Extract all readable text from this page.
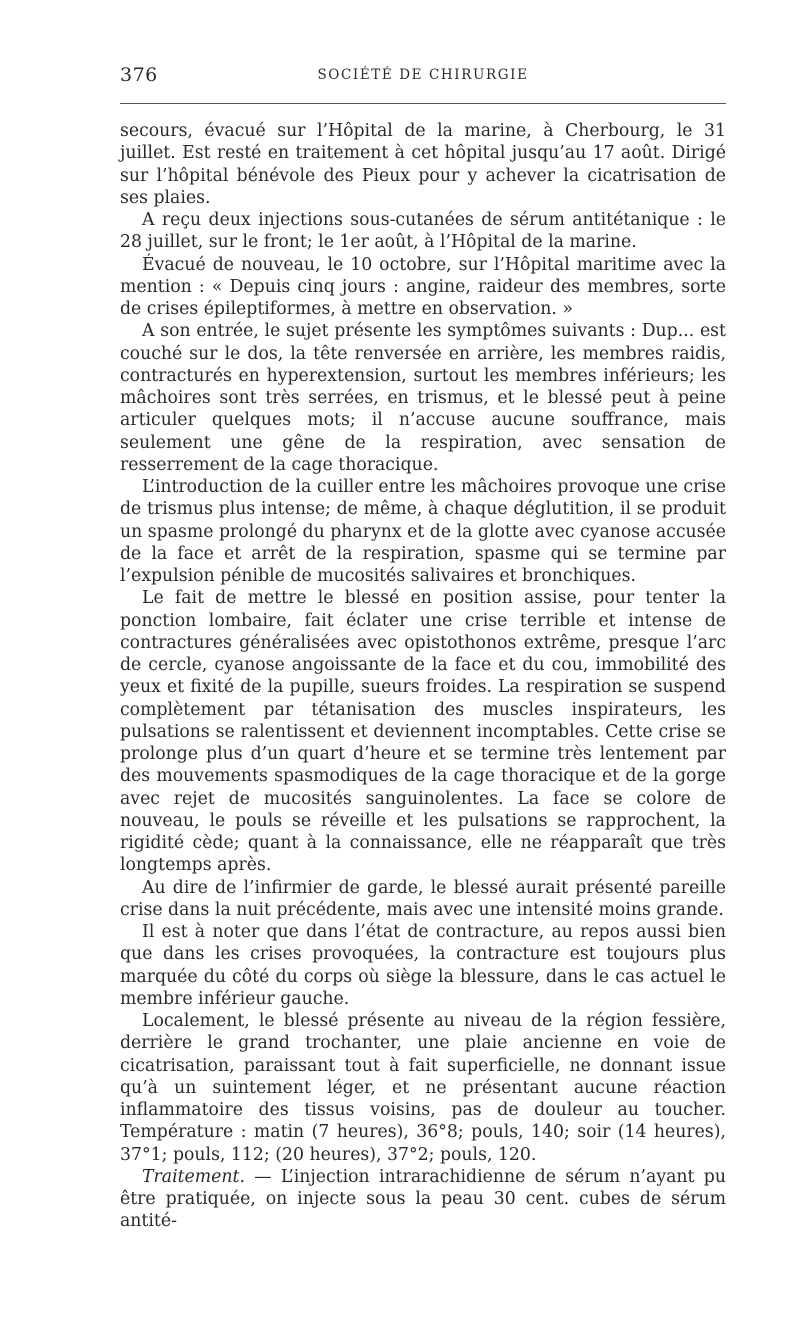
376	SOCIÉTÉ DE CHIRURGIE

secours, évacué sur l’Hôpital de la marine, à Cherbourg, le 31 juillet. Est resté en traitement à cet hôpital jusqu’au 17 août. Dirigé sur l’hôpital bénévole des Pieux pour y achever la cicatrisation de ses plaies.

A reçu deux injections sous-cutanées de sérum antitétanique : le 28 juillet, sur le front; le 1er août, à l’Hôpital de la marine.

Évacué de nouveau, le 10 octobre, sur l’Hôpital maritime avec la mention : « Depuis cinq jours : angine, raideur des membres, sorte de crises épileptiformes, à mettre en observation. »

A son entrée, le sujet présente les symptômes suivants : Dup... est couché sur le dos, la tête renversée en arrière, les membres raidis, contracturés en hyperextension, surtout les membres inférieurs; les mâchoires sont très serrées, en trismus, et le blessé peut à peine articuler quelques mots; il n’accuse aucune souffrance, mais seulement une gêne de la respiration, avec sensation de resserrement de la cage thoracique.

L’introduction de la cuiller entre les mâchoires provoque une crise de trismus plus intense; de même, à chaque déglutition, il se produit un spasme prolongé du pharynx et de la glotte avec cyanose accusée de la face et arrêt de la respiration, spasme qui se termine par l’expulsion pénible de mucosités salivaires et bronchiques.

Le fait de mettre le blessé en position assise, pour tenter la ponction lombaire, fait éclater une crise terrible et intense de contractures généralisées avec opistothonos extrême, presque l’arc de cercle, cyanose angoissante de la face et du cou, immobilité des yeux et fixité de la pupille, sueurs froides. La respiration se suspend complètement par tétanisation des muscles inspirateurs, les pulsations se ralentissent et deviennent incomptables. Cette crise se prolonge plus d’un quart d’heure et se termine très lentement par des mouvements spasmodiques de la cage thoracique et de la gorge avec rejet de mucosités sanguinolentes. La face se colore de nouveau, le pouls se réveille et les pulsations se rapprochent, la rigidité cède; quant à la connaissance, elle ne réapparaît que très longtemps après.

Au dire de l’infirmier de garde, le blessé aurait présenté pareille crise dans la nuit précédente, mais avec une intensité moins grande.

Il est à noter que dans l’état de contracture, au repos aussi bien que dans les crises provoquées, la contracture est toujours plus marquée du côté du corps où siège la blessure, dans le cas actuel le membre inférieur gauche.

Localement, le blessé présente au niveau de la région fessière, derrière le grand trochanter, une plaie ancienne en voie de cicatrisation, paraissant tout à fait superficielle, ne donnant issue qu’à un suintement léger, et ne présentant aucune réaction inflammatoire des tissus voisins, pas de douleur au toucher. Température : matin (7 heures), 36°8; pouls, 140; soir (14 heures), 37°1; pouls, 112; (20 heures), 37°2; pouls, 120.

Traitement. — L’injection intrarachidienne de sérum n’ayant pu être pratiquée, on injecte sous la peau 30 cent. cubes de sérum antité-
